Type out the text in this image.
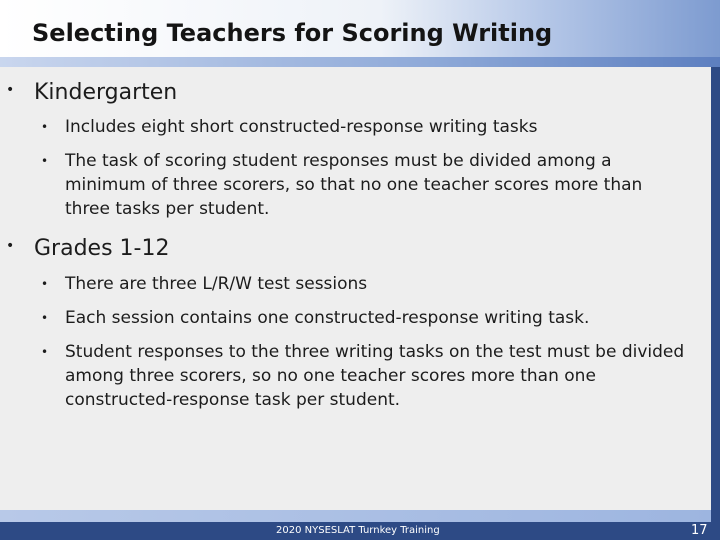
Selecting Teachers for Scoring Writing
• Kindergarten
• Includes eight short constructed-response writing tasks
• The task of scoring student responses must be divided among a minimum of three scorers, so that no one teacher scores more than three tasks per student.
• Grades 1-12
• There are three L/R/W test sessions
• Each session contains one constructed-response writing task.
• Student responses to the three writing tasks on the test must be divided among three scorers, so no one teacher scores more than one constructed-response task per student.
2020 NYSESLAT Turnkey Training	17
